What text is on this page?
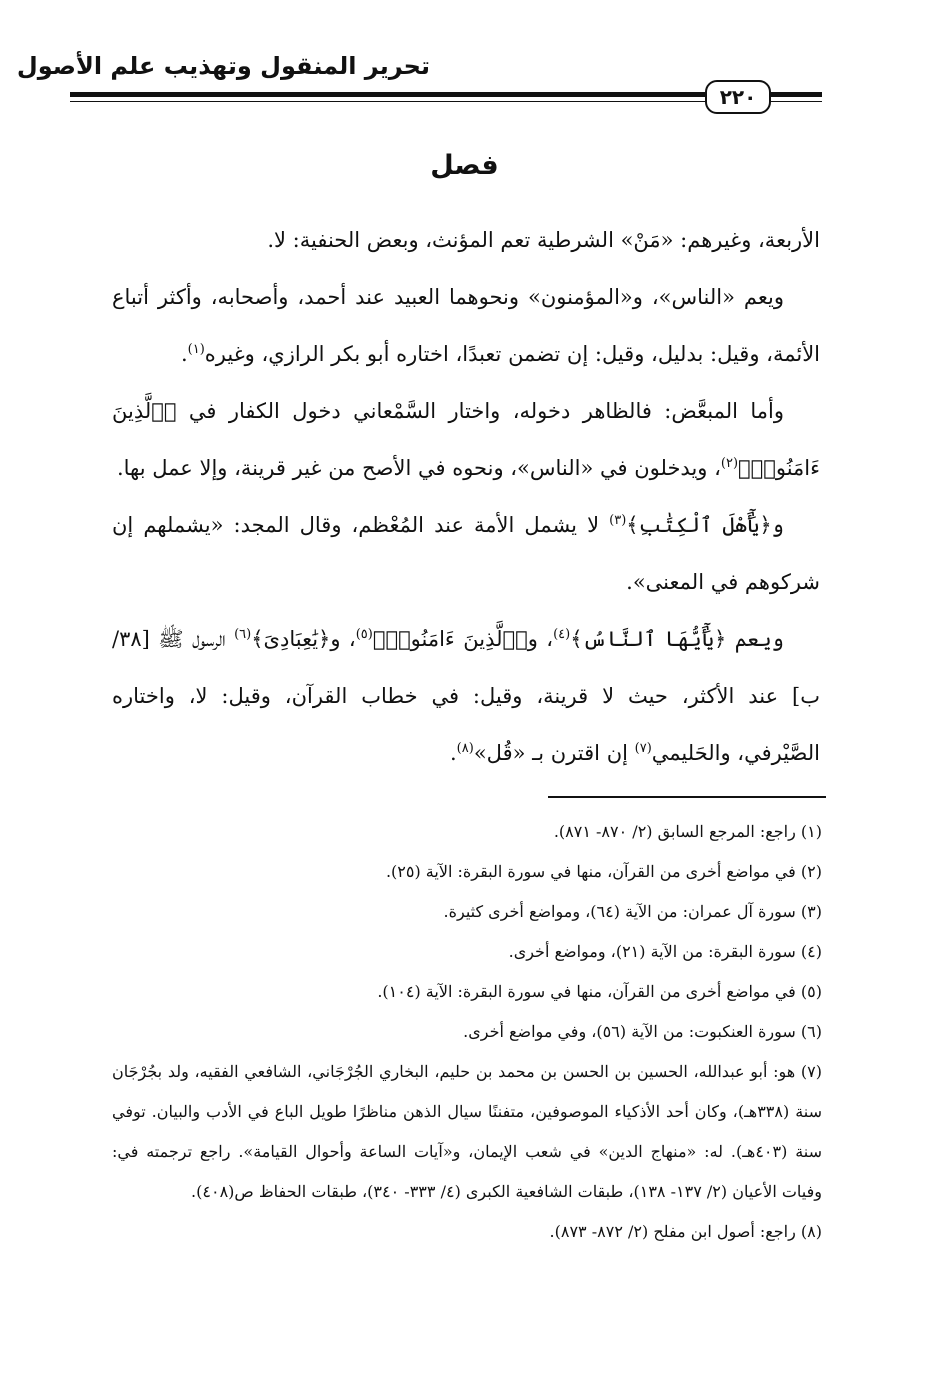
تحرير المنقول وتهذيب علم الأصول
٢٢٠
فصل

الأربعة، وغيرهم: «مَنْ» الشرطية تعم المؤنث، وبعض الحنفية: لا.

ويعم «الناس»، و«المؤمنون» ونحوهما العبيد عند أحمد، وأصحابه، وأكثر أتباع الأئمة، وقيل: بدليل، وقيل: إن تضمن تعبدًا، اختاره أبو بكر الرازي، وغيره$^{(١)}$.

وأما المبعَّض: فالظاهر دخوله، واختار السَّمْعاني دخول الكفار في ﴿ٱلَّذِينَ ءَامَنُوا۟﴾$^{(٢)}$، ويدخلون في «الناس»، ونحوه في الأصح من غير قرينة، وإلا عمل بها.

و﴿يَٰٓأَهْلَ ٱلْكِتَٰبِ﴾$^{(٣)}$ لا يشمل الأمة عند المُعْظم، وقال المجد: «يشملهم إن شركوهم في المعنى».

ويعم ﴿يَٰٓأَيُّهَا ٱلنَّاسُ﴾$^{(٤)}$، و﴿ٱلَّذِينَ ءَامَنُوا۟﴾$^{(٥)}$، و﴿يَٰعِبَادِىَ﴾$^{(٦)}$ الرسول ﷺ [٣٨/ ب] عند الأكثر، حيث لا قرينة، وقيل: في خطاب القرآن، وقيل: لا، واختاره الصَّيْرفي، والحَليمي$^{(٧)}$ إن اقترن بـ «قُل»$^{(٨)}$.

(١) راجع: المرجع السابق (٢/ ٨٧٠- ٨٧١).

(٢) في مواضع أخرى من القرآن، منها في سورة البقرة: الآية (٢٥).

(٣) سورة آل عمران: من الآية (٦٤)، ومواضع أخرى كثيرة.

(٤) سورة البقرة: من الآية (٢١)، ومواضع أخرى.

(٥) في مواضع أخرى من القرآن، منها في سورة البقرة: الآية (١٠٤).

(٦) سورة العنكبوت: من الآية (٥٦)، وفي مواضع أخرى.

(٧) هو: أبو عبدالله، الحسين بن الحسن بن محمد بن حليم، البخاري الجُرْجَاني، الشافعي الفقيه، ولد بجُرْجَان سنة (٣٣٨هـ)، وكان أحد الأذكياء الموصوفين، متفننًا سيال الذهن مناظرًا طويل الباع في الأدب والبيان. توفي سنة (٤٠٣هـ). له: «منهاج الدين» في شعب الإيمان، و«آيات الساعة وأحوال القيامة». راجع ترجمته في: وفيات الأعيان (٢/ ١٣٧- ١٣٨)، طبقات الشافعية الكبرى (٤/ ٣٣٣- ٣٤٠)، طبقات الحفاظ ص(٤٠٨).

(٨) راجع: أصول ابن مفلح (٢/ ٨٧٢- ٨٧٣).
